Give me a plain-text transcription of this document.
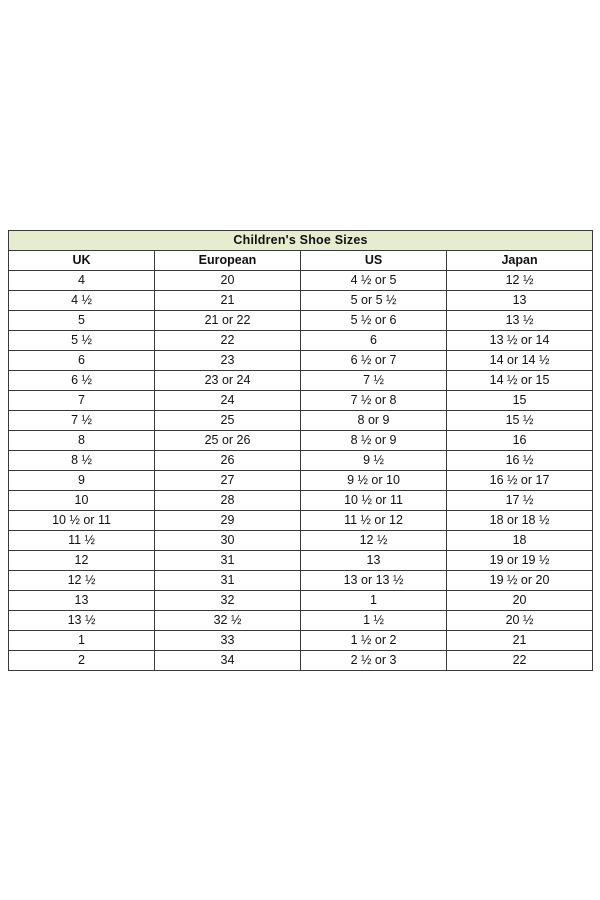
Children's Shoe Sizes			
UK	European	US	Japan
4	20	4 ½ or 5	12 ½
4 ½	21	5 or 5 ½	13
5	21 or 22	5 ½ or 6	13 ½
5 ½	22	6	13 ½ or 14
6	23	6 ½ or 7	14 or 14 ½
6 ½	23 or 24	7 ½	14 ½ or 15
7	24	7 ½ or 8	15
7 ½	25	8 or 9	15 ½
8	25 or 26	8 ½ or 9	16
8 ½	26	9 ½	16 ½
9	27	9 ½ or 10	16 ½ or 17
10	28	10 ½ or 11	17 ½
10 ½ or 11	29	11 ½ or 12	18 or 18 ½
11 ½	30	12 ½	18
12	31	13	19 or 19 ½
12 ½	31	13 or 13 ½	19 ½ or 20
13	32	1	20
13 ½	32 ½	1 ½	20 ½
1	33	1 ½ or 2	21
2	34	2 ½ or 3	22
